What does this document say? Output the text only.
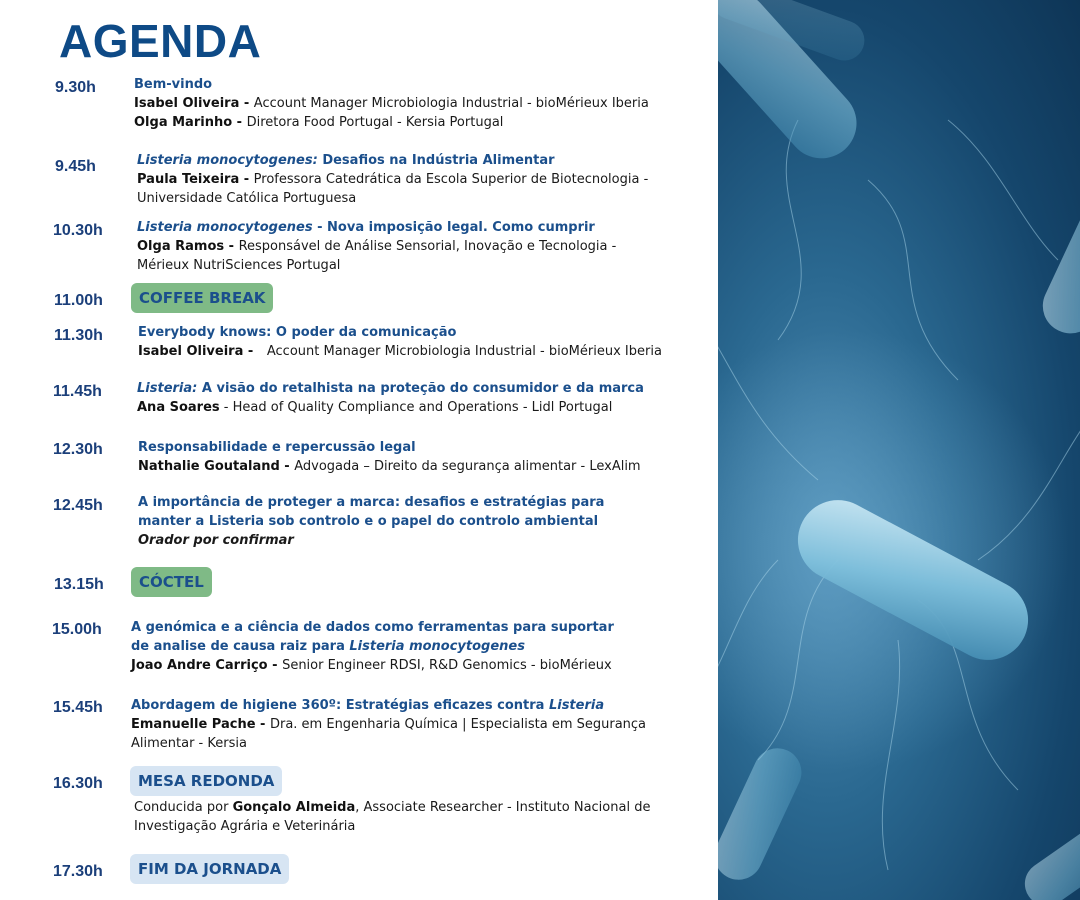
AGENDA
9.30h	Bem-vindo
Isabel Oliveira - Account Manager Microbiologia Industrial - bioMérieux Iberia
Olga Marinho - Diretora Food Portugal - Kersia Portugal
9.45h	Listeria monocytogenes: Desafios na Indústria Alimentar
Paula Teixeira - Professora Catedrática da Escola Superior de Biotecnologia - Universidade Católica Portuguesa
10.30h	Listeria monocytogenes - Nova imposição legal. Como cumprir
Olga Ramos - Responsável de Análise Sensorial, Inovação e Tecnologia - Mérieux NutriSciences Portugal
11.00h	COFFEE BREAK
11.30h	Everybody knows: O poder da comunicação
Isabel Oliveira -   Account Manager Microbiologia Industrial - bioMérieux Iberia
11.45h	Listeria: A visão do retalhista na proteção do consumidor e da marca
Ana Soares - Head of Quality Compliance and Operations - Lidl Portugal
12.30h	Responsabilidade e repercussão legal
Nathalie Goutaland - Advogada – Direito da segurança alimentar - LexAlim
12.45h	A importância de proteger a marca: desafios e estratégias para manter a Listeria sob controlo e o papel do controlo ambiental
Orador por confirmar
13.15h	CÓCTEL
15.00h A genómica e a ciência de dados como ferramentas para suportar de analise de causa raiz para Listeria monocytogenes
Joao Andre Carriço - Senior Engineer RDSI, R&D Genomics - bioMérieux
15.45h Abordagem de higiene 360º: Estratégias eficazes contra Listeria
Emanuelle Pache - Dra. em Engenharia Química | Especialista em Segurança Alimentar - Kersia
16.30h	MESA REDONDA
Conducida por Gonçalo Almeida, Associate Researcher - Instituto Nacional de Investigação Agrária e Veterinária
17.30h	FIM DA JORNADA
